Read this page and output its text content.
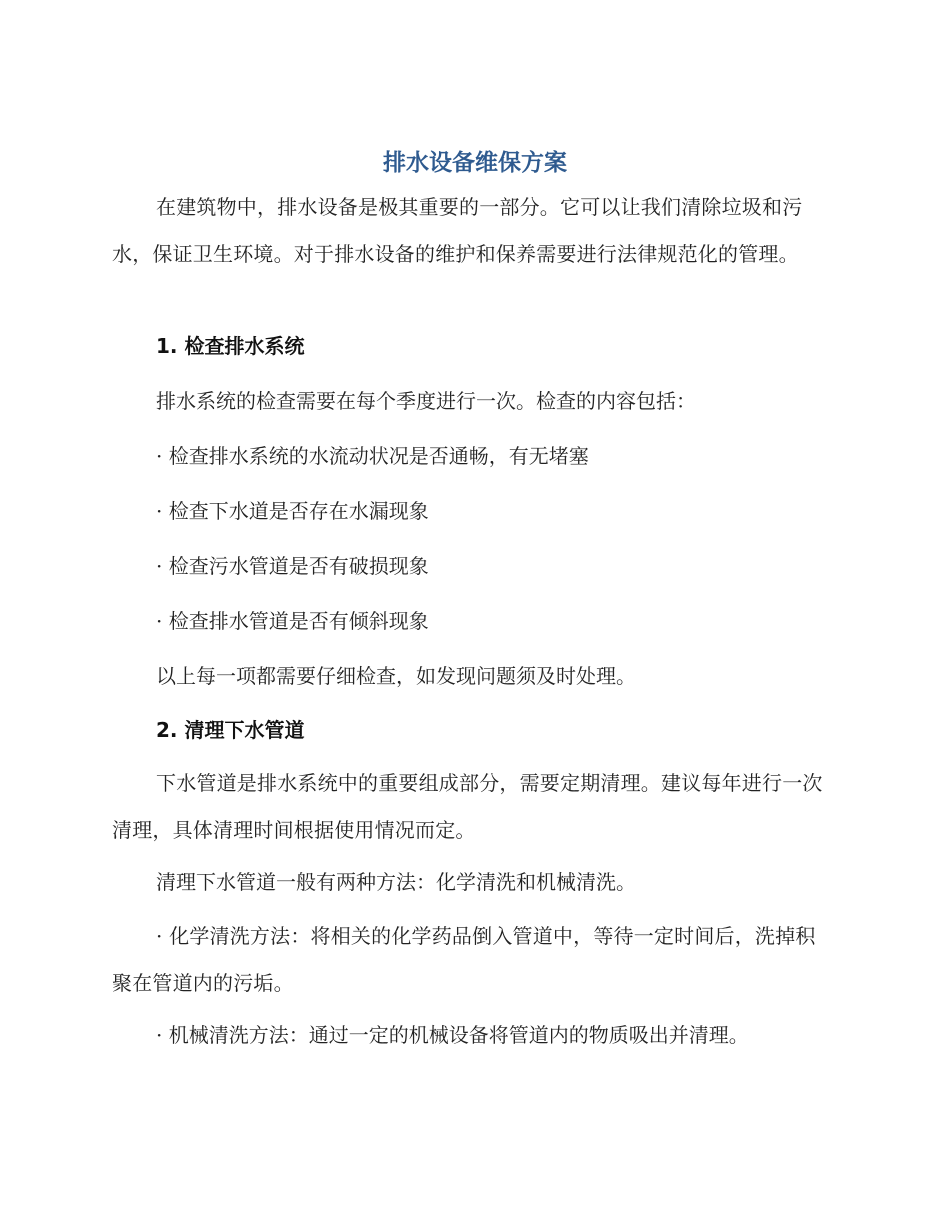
排水设备维保方案
在建筑物中，排水设备是极其重要的一部分。它可以让我们清除垃圾和污水，保证卫生环境。对于排水设备的维护和保养需要进行法律规范化的管理。
1. 检查排水系统
排水系统的检查需要在每个季度进行一次。检查的内容包括：
· 检查排水系统的水流动状况是否通畅，有无堵塞
· 检查下水道是否存在水漏现象
· 检查污水管道是否有破损现象
· 检查排水管道是否有倾斜现象
以上每一项都需要仔细检查，如发现问题须及时处理。
2. 清理下水管道
下水管道是排水系统中的重要组成部分，需要定期清理。建议每年进行一次清理，具体清理时间根据使用情况而定。
清理下水管道一般有两种方法：化学清洗和机械清洗。
· 化学清洗方法：将相关的化学药品倒入管道中，等待一定时间后，洗掉积聚在管道内的污垢。
· 机械清洗方法：通过一定的机械设备将管道内的物质吸出并清理。
